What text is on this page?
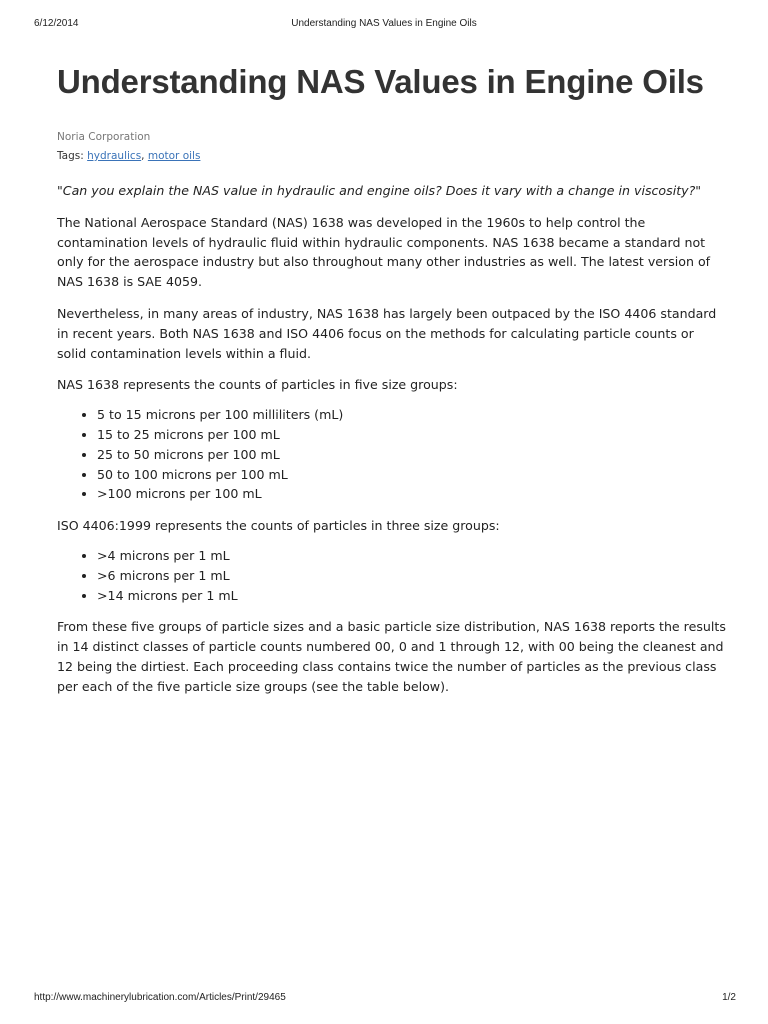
6/12/2014	Understanding NAS Values in Engine Oils
Understanding NAS Values in Engine Oils
Noria Corporation
Tags: hydraulics, motor oils

"Can you explain the NAS value in hydraulic and engine oils? Does it vary with a change in viscosity?"

The National Aerospace Standard (NAS) 1638 was developed in the 1960s to help control the contamination levels of hydraulic fluid within hydraulic components. NAS 1638 became a standard not only for the aerospace industry but also throughout many other industries as well. The latest version of NAS 1638 is SAE 4059.

Nevertheless, in many areas of industry, NAS 1638 has largely been outpaced by the ISO 4406 standard in recent years. Both NAS 1638 and ISO 4406 focus on the methods for calculating particle counts or solid contamination levels within a fluid.

NAS 1638 represents the counts of particles in five size groups:

• 5 to 15 microns per 100 milliliters (mL)
• 15 to 25 microns per 100 mL
• 25 to 50 microns per 100 mL
• 50 to 100 microns per 100 mL
• >100 microns per 100 mL

ISO 4406:1999 represents the counts of particles in three size groups:

• >4 microns per 1 mL
• >6 microns per 1 mL
• >14 microns per 1 mL

From these five groups of particle sizes and a basic particle size distribution, NAS 1638 reports the results in 14 distinct classes of particle counts numbered 00, 0 and 1 through 12, with 00 being the cleanest and 12 being the dirtiest. Each proceeding class contains twice the number of particles as the previous class per each of the five particle size groups (see the table below).

http://www.machinerylubrication.com/Articles/Print/29465	1/2
